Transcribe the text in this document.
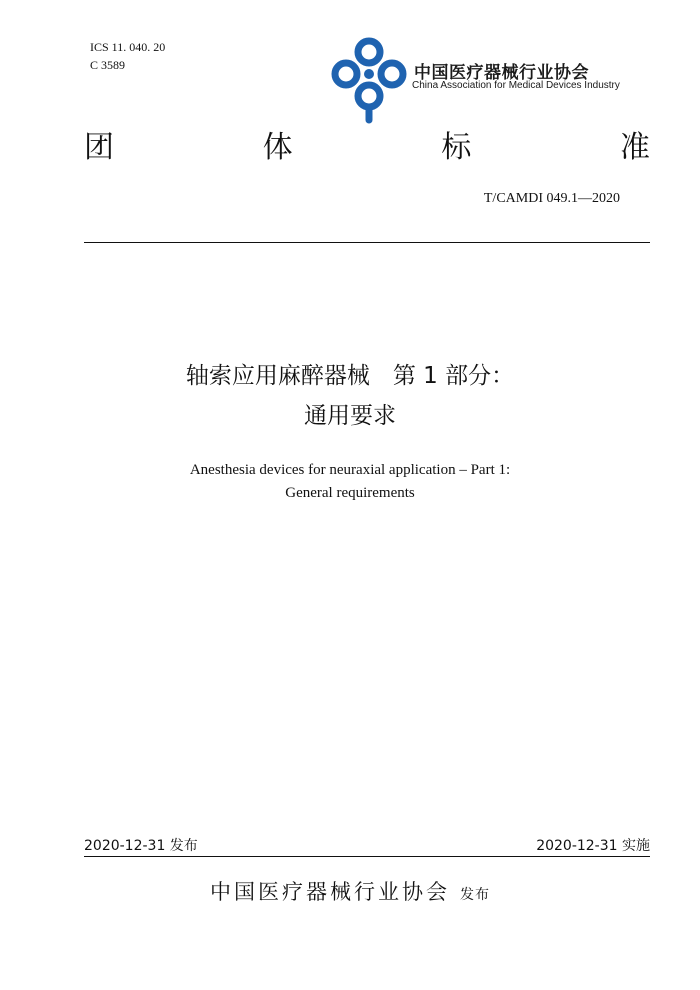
ICS 11. 040. 20
C 3589	中国医疗器械行业协会
China Association for Medical Devices Industry
团	体	标	准
T/CAMDI 049.1—2020
轴索应用麻醉器械　第 1 部分：
通用要求
Anesthesia devices for neuraxial application – Part 1:
General requirements
2020-12-31 发布	2020-12-31 实施
中国医疗器械行业协会 发布
